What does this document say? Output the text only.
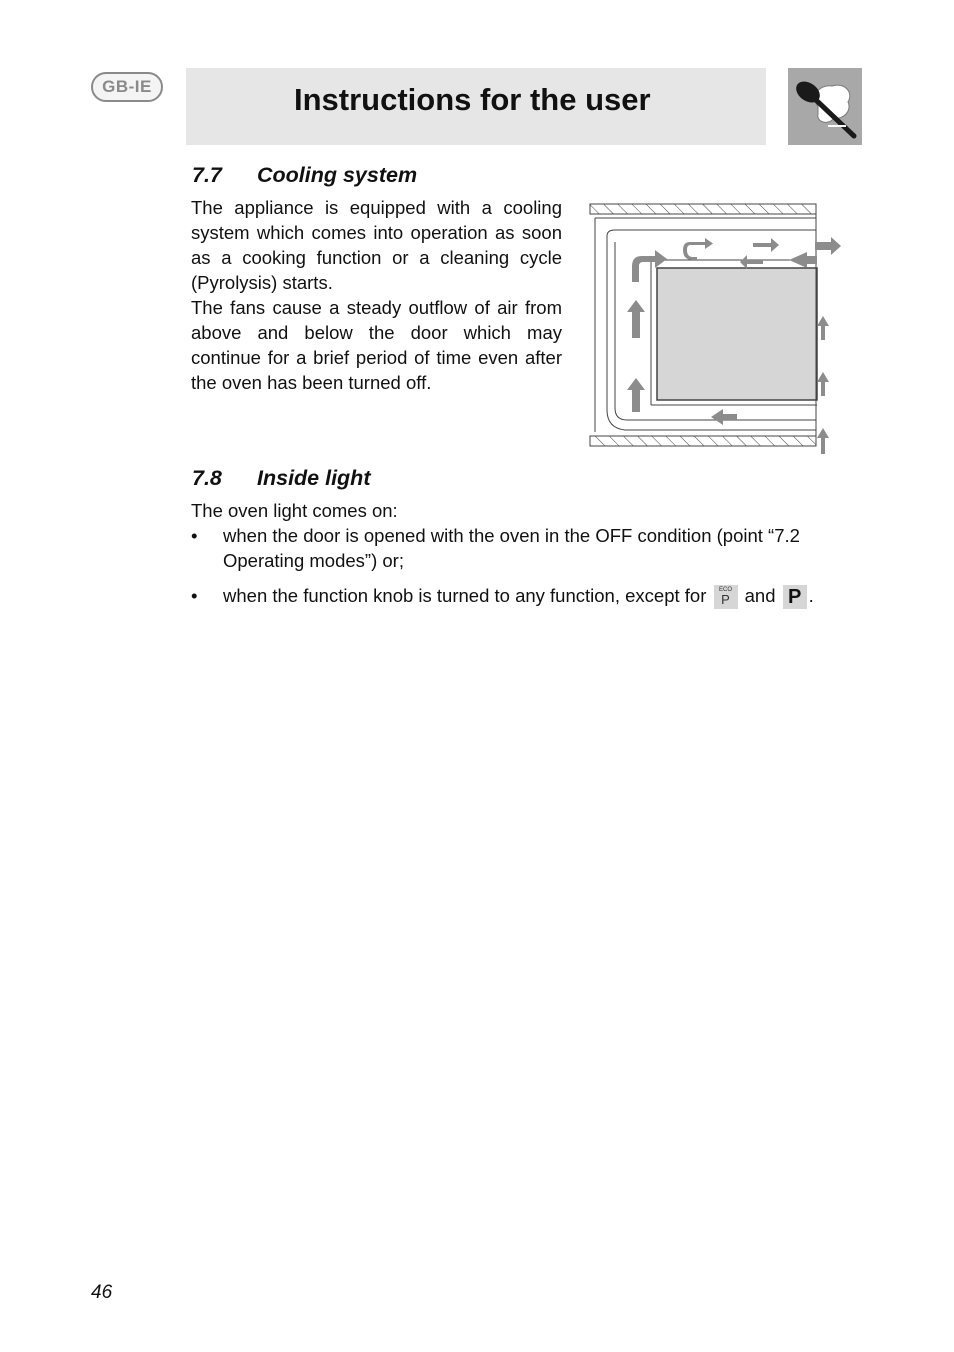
GB-IE	Instructions for the user
7.7 Cooling system

The appliance is equipped with a cooling system which comes into operation as soon as a cooking function or a cleaning cycle (Pyrolysis) starts.

The fans cause a steady outflow of air from above and below the door which may continue for a brief period of time even after the oven has been turned off.

7.8 Inside light
The oven light comes on:
• when the door is opened with the oven in the OFF condition (point “7.2 Operating modes”) or;
• when the function knob is turned to any function, except for	ECO
P and P .
46
